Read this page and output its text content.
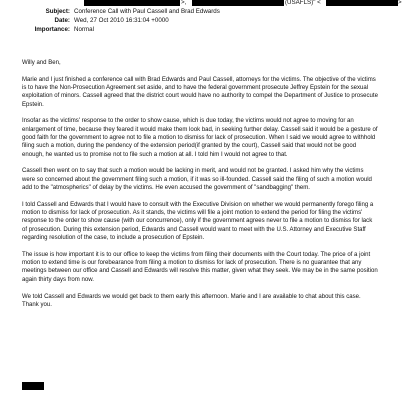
>,	(USAFLS)" <	>
Subject: Conference Call with Paul Cassell and Brad Edwards
Date: Wed, 27 Oct 2010 16:31:04 +0000
Importance: Normal

Willy and Ben,

Marie and I just finished a conference call with Brad Edwards and Paul Cassell, attorneys for the victims. The objective of the victims is to have the Non-Prosecution Agreement set aside, and to have the federal government prosecute Jeffrey Epstein for the sexual exploitation of minors. Cassell agreed that the district court would have no authority to compel the Department of Justice to prosecute Epstein.

Insofar as the victims' response to the order to show cause, which is due today, the victims would not agree to moving for an enlargement of time, because they feared it would make them look bad, in seeking further delay. Cassell said it would be a gesture of good faith for the government to agree not to file a motion to dismiss for lack of prosecution. When I said we would agree to withhold filing such a motion, during the pendency of the extension period(if granted by the court), Cassell said that would not be good enough, he wanted us to promise not to file such a motion at all. I told him I would not agree to that.

Cassell then went on to say that such a motion would be lacking in merit, and would not be granted. I asked him why the victims were so concerned about the government filing such a motion, if it was so ill-founded. Cassell said the filing of such a motion would add to the "atmospherics" of delay by the victims. He even accused the government of "sandbagging" them.

I told Cassell and Edwards that I would have to consult with the Executive Division on whether we would permanently forego filing a motion to dismiss for lack of prosecution. As it stands, the victims will file a joint motion to extend the period for filing the victims' response to the order to show cause (with our concurrence), only if the government agrees never to file a motion to dismiss for lack of prosecution. During this extension period, Edwards and Cassell would want to meet with the U.S. Attorney and Executive Staff regarding resolution of the case, to include a prosecution of Epstein.

The issue is how important it is to our office to keep the victims from filing their documents with the Court today. The price of a joint motion to extend time is our forebearance from filing a motion to dismiss for lack of prosecution. There is no guarantee that any meetings between our office and Cassell and Edwards will resolve this matter, given what they seek. We may be in the same position again thirty days from now.

We told Cassell and Edwards we would get back to them early this afternoon. Marie and I are available to chat about this case. Thank you.
